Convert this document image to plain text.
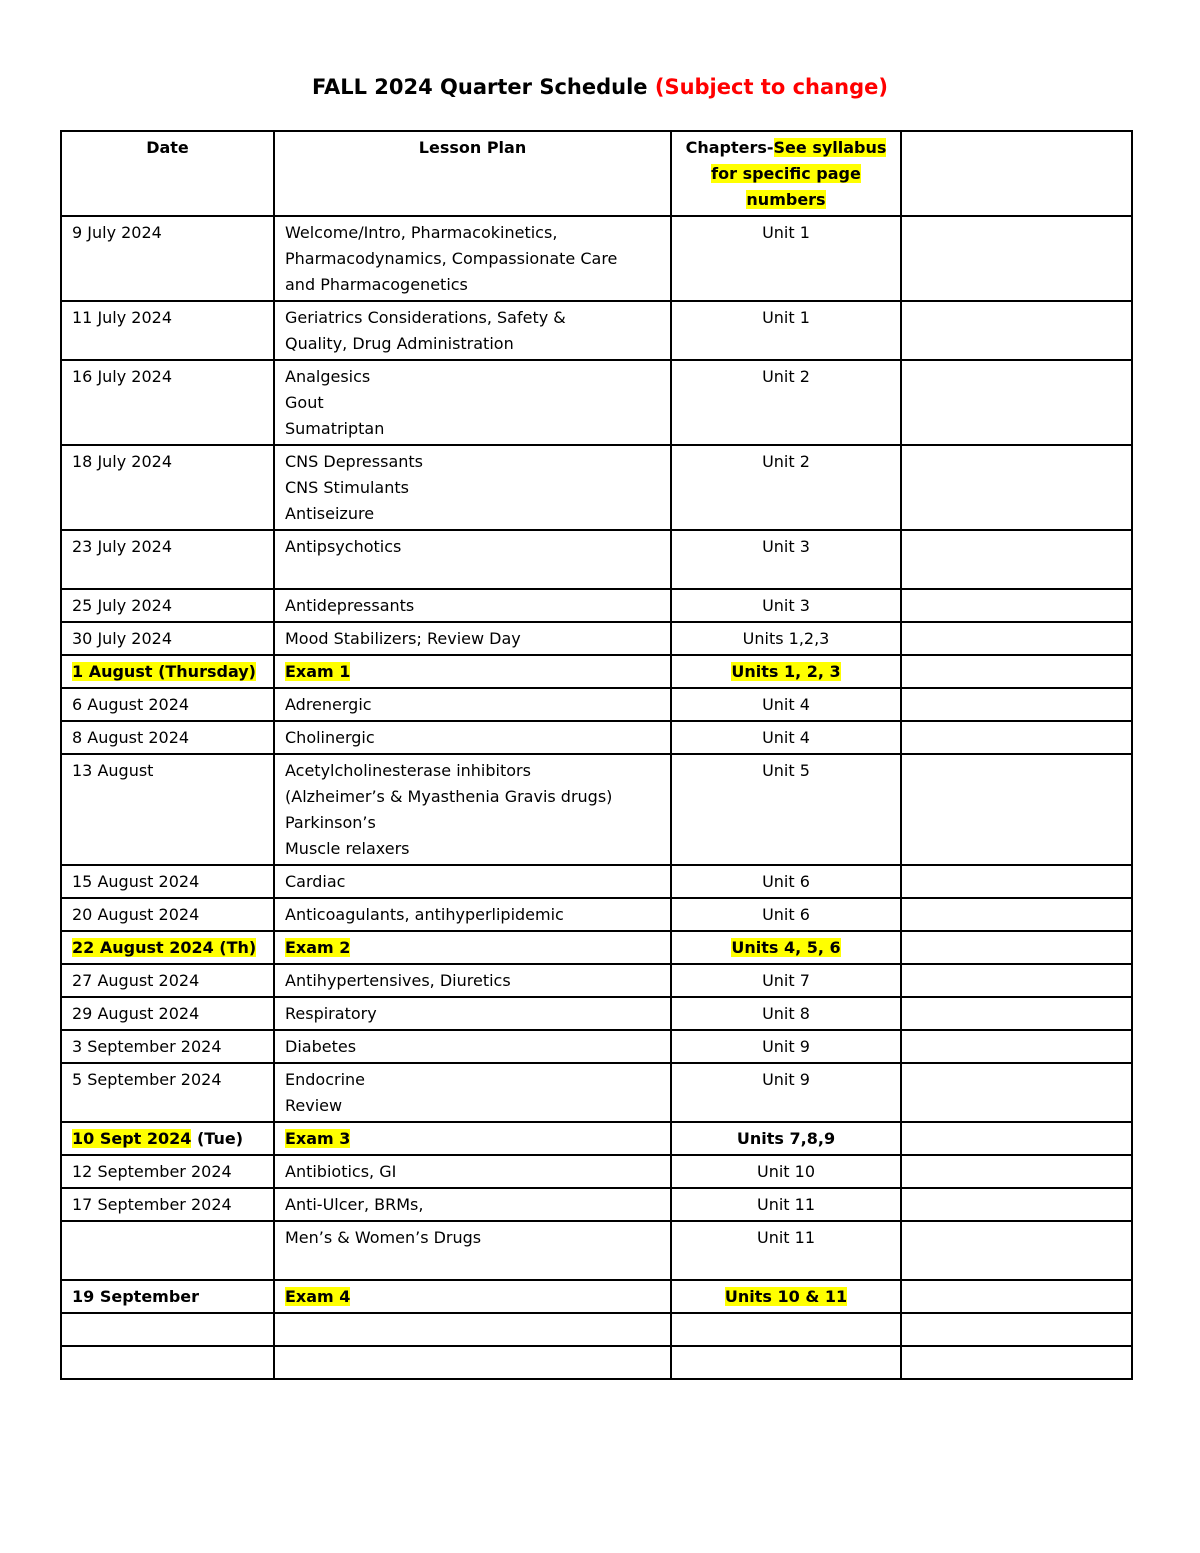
FALL 2024 Quarter Schedule (Subject to change)
Date	Lesson Plan	Chapters-See syllabus
for specific page
numbers	
9 July 2024	Welcome/Intro, Pharmacokinetics,
Pharmacodynamics, Compassionate Care
and Pharmacogenetics	Unit 1	
11 July 2024	Geriatrics Considerations, Safety &
Quality, Drug Administration	Unit 1	
16 July 2024	Analgesics
Gout
Sumatriptan	Unit 2	
18 July 2024	CNS Depressants
CNS Stimulants
Antiseizure	Unit 2	
23 July 2024	Antipsychotics	Unit 3	
25 July 2024	Antidepressants	Unit 3	
30 July 2024	Mood Stabilizers; Review Day	Units 1,2,3	
1 August (Thursday)	Exam 1	Units 1, 2, 3	
6 August 2024	Adrenergic	Unit 4	
8 August 2024	Cholinergic	Unit 4	
13 August	Acetylcholinesterase inhibitors
(Alzheimer’s & Myasthenia Gravis drugs)
Parkinson’s
Muscle relaxers	Unit 5	
15 August 2024	Cardiac	Unit 6	
20 August 2024	Anticoagulants, antihyperlipidemic	Unit 6	
22 August 2024 (Th)	Exam 2	Units 4, 5, 6	
27 August 2024	Antihypertensives, Diuretics	Unit 7	
29 August 2024	Respiratory	Unit 8	
3 September 2024	Diabetes	Unit 9	
5 September 2024	Endocrine
Review	Unit 9	
10 Sept 2024 (Tue)	Exam 3	Units 7,8,9	
12 September 2024	Antibiotics, GI	Unit 10	
17 September 2024	Anti-Ulcer, BRMs,	Unit 11	

	Men’s & Women’s Drugs	Unit 11	
19 September	Exam 4	Units 10 & 11	
